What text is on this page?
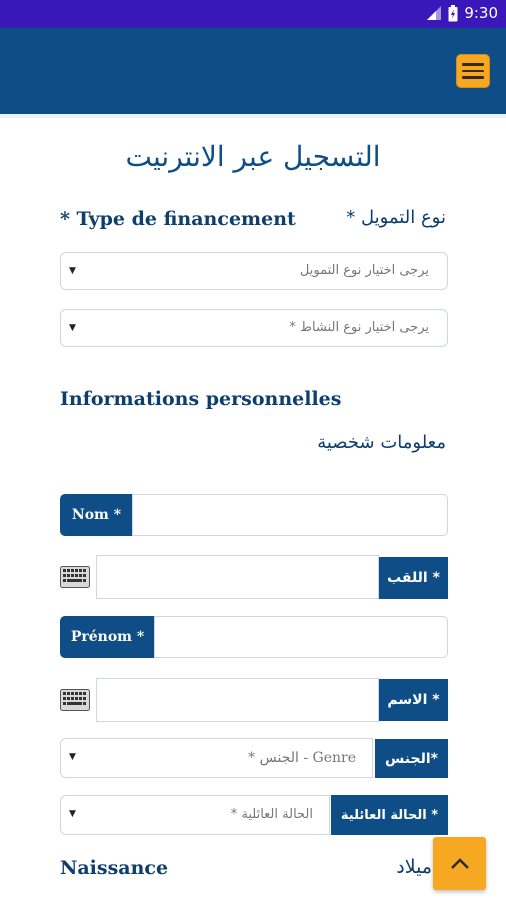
9:30
التسجيل عبر الانترنيت
* Type de financement	نوع التمويل *
▼	يرجى اختيار نوع التمويل
▼	يرجى اختيار نوع النشاط *
Informations personnelles
معلومات شخصية
Nom *
اللقب *
Prénom *
الاسم *
▼	Genre - الجنس *	الجنس*
▼	الحالة العائلية *	الحالة العائلية *
Naissance	ميلاد
